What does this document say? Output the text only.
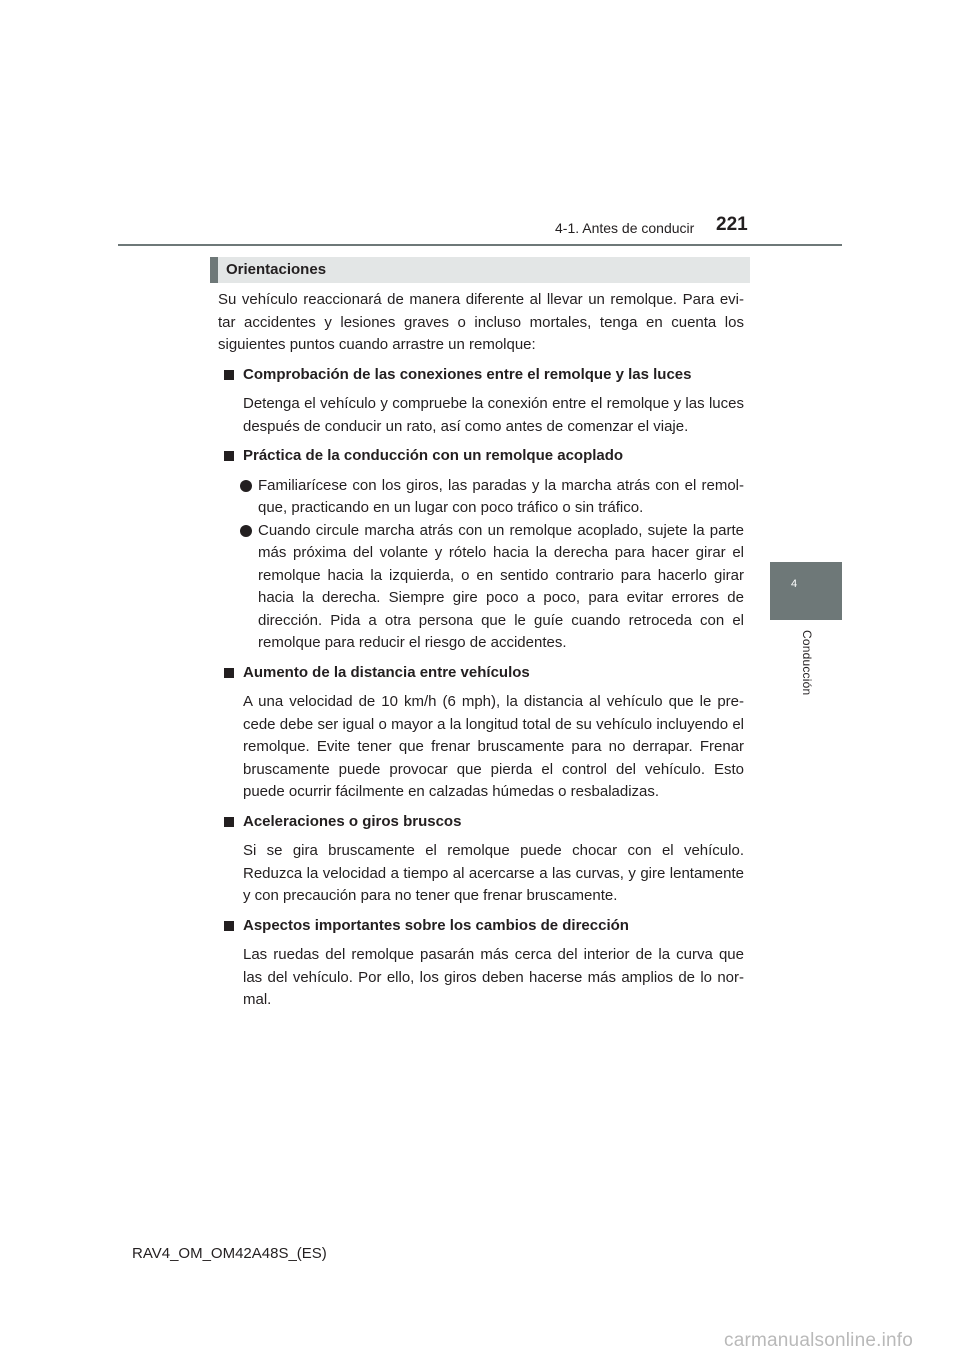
4-1. Antes de conducir 221
4
Conducción
Orientaciones

Su vehículo reaccionará de manera diferente al llevar un remolque. Para evi-tar accidentes y lesiones graves o incluso mortales, tenga en cuenta los siguientes puntos cuando arrastre un remolque:

Comprobación de las conexiones entre el remolque y las luces

Detenga el vehículo y compruebe la conexión entre el remolque y las luces después de conducir un rato, así como antes de comenzar el viaje.

Práctica de la conducción con un remolque acoplado
Familiarícese con los giros, las paradas y la marcha atrás con el remol-que, practicando en un lugar con poco tráfico o sin tráfico.
Cuando circule marcha atrás con un remolque acoplado, sujete la parte más próxima del volante y rótelo hacia la derecha para hacer girar el remolque hacia la izquierda, o en sentido contrario para hacerlo girar hacia la derecha. Siempre gire poco a poco, para evitar errores de dirección. Pida a otra persona que le guíe cuando retroceda con el remolque para reducir el riesgo de accidentes.
Aumento de la distancia entre vehículos

A una velocidad de 10 km/h (6 mph), la distancia al vehículo que le pre-cede debe ser igual o mayor a la longitud total de su vehículo incluyendo el remolque. Evite tener que frenar bruscamente para no derrapar. Frenar bruscamente puede provocar que pierda el control del vehículo. Esto puede ocurrir fácilmente en calzadas húmedas o resbaladizas.

Aceleraciones o giros bruscos

Si se gira bruscamente el remolque puede chocar con el vehículo. Reduzca la velocidad a tiempo al acercarse a las curvas, y gire lentamente y con precaución para no tener que frenar bruscamente.

Aspectos importantes sobre los cambios de dirección

Las ruedas del remolque pasarán más cerca del interior de la curva que las del vehículo. Por ello, los giros deben hacerse más amplios de lo nor-mal.

RAV4_OM_OM42A48S_(ES)
carmanualsonline.info
